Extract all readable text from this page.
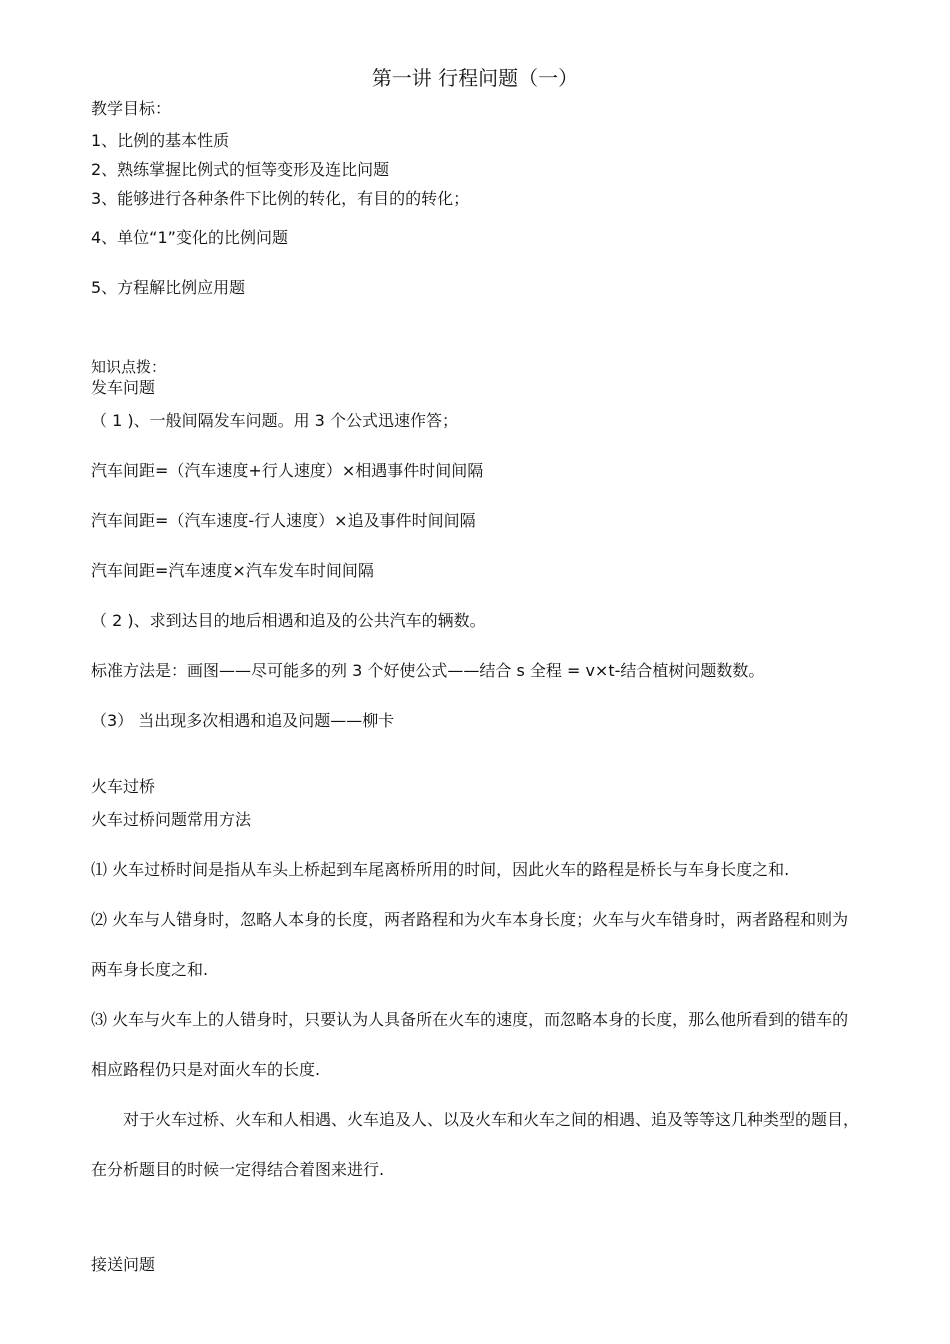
第一讲 行程问题（一）
教学目标：
1、比例的基本性质
2、熟练掌握比例式的恒等变形及连比问题
3、能够进行各种条件下比例的转化，有目的的转化；
4、单位“1”变化的比例问题
5、方程解比例应用题
知识点拨：
发车问题
（ 1 )、一般间隔发车问题。用 3 个公式迅速作答；
汽车间距=（汽车速度+行人速度）×相遇事件时间间隔
汽车间距=（汽车速度-行人速度）×追及事件时间间隔
汽车间距=汽车速度×汽车发车时间间隔
（ 2 )、求到达目的地后相遇和追及的公共汽车的辆数。
标准方法是：画图——尽可能多的列 3 个好使公式——结合 s 全程 = v×t-结合植树问题数数。
（3） 当出现多次相遇和追及问题——柳卡
火车过桥
火车过桥问题常用方法
⑴ 火车过桥时间是指从车头上桥起到车尾离桥所用的时间，因此火车的路程是桥长与车身长度之和.
⑵ 火车与人错身时，忽略人本身的长度，两者路程和为火车本身长度；火车与火车错身时，两者路程和则为
两车身长度之和.
⑶ 火车与火车上的人错身时，只要认为人具备所在火车的速度，而忽略本身的长度，那么他所看到的错车的
相应路程仍只是对面火车的长度.
对于火车过桥、火车和人相遇、火车追及人、以及火车和火车之间的相遇、追及等等这几种类型的题目，
在分析题目的时候一定得结合着图来进行.
接送问题
